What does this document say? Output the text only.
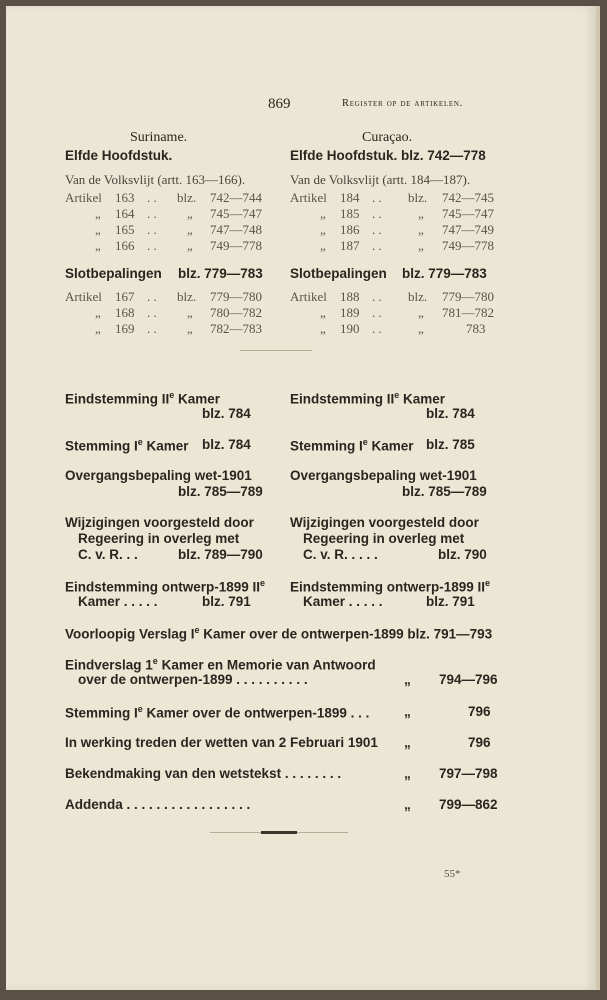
869	Register op de artikelen.
Suriname.
Elfde Hoofdstuk.
Van de Volksvlijt (artt. 163—166).
Artikel 163 . . blz. 742—744
„ 164 . . „ 745—747
„ 165 . . „ 747—748
„ 166 . . „ 749—778
Slotbepalingen blz. 779—783
Artikel 167 . . blz. 779—780
„ 168 . . „ 780—782
„ 169 . . „ 782—783
Curaçao.
Elfde Hoofdstuk. blz. 742—778
Van de Volksvlijt (artt. 184—187).
Artikel 184 . . blz. 742—745
„ 185 . .	„ 745—747
„ 186 . .	„ 747—749
„ 187 . .	„ 749—778
Slotbepalingen blz. 779—783
Artikel 188 . . blz. 779—780
„ 189 . .	„ 781—782
„ 190 . .	„	783
Eindstemming IIe Kamer
blz. 784
Stemming Ie Kamer blz. 784
Overgangsbepaling wet-1901
blz. 785—789
Wijzigingen voorgesteld door
Regeering in overleg met
C. v. R. . .	blz. 789—790
Eindstemming ontwerp-1899 IIe
Kamer . . . . .	blz. 791
Eindstemming IIe Kamer
blz. 784
Stemming Ie Kamer blz. 785
Overgangsbepaling wet-1901
blz. 785—789
Wijzigingen voorgesteld door
Regeering in overleg met
C. v. R. . . . .	blz. 790
Eindstemming ontwerp-1899 IIe
Kamer . . . . .	blz. 791
Voorloopig Verslag Ie Kamer over de ontwerpen-1899 blz. 791—793
Eindverslag 1e Kamer en Memorie van Antwoord
over de ontwerpen-1899 . . . . . . . . . .	„ 794—796
Stemming Ie Kamer over de ontwerpen-1899 . . .	„	796
In werking treden der wetten van 2 Februari 1901 „	796
Bekendmaking van den wetstekst . . . . . . . .	„ 797—798
Addenda . . . . . . . . . . . . . . . . .	„ 799—862
55*
